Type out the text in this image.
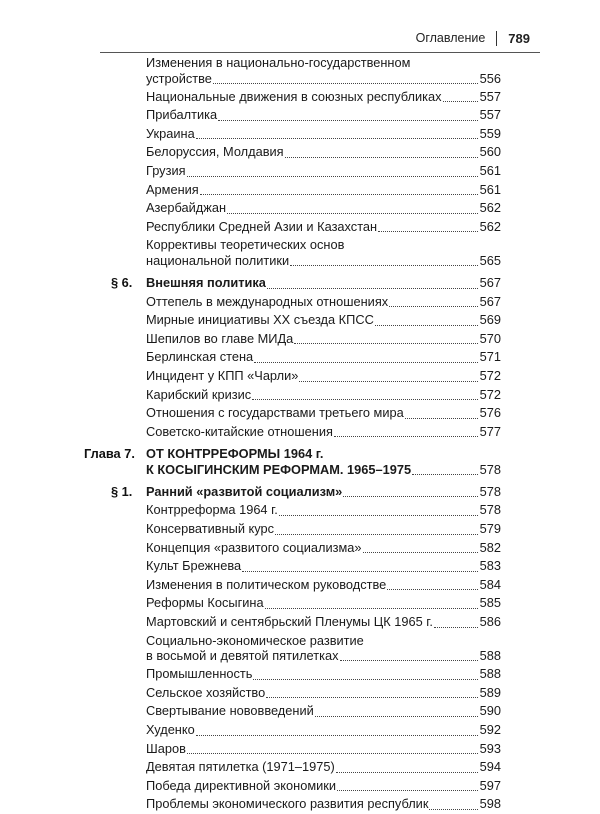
Оглавление 789
Изменения в национально-государственном
устройстве	556
Национальные движения в союзных республиках	557
Прибалтика	557
Украина	559
Белоруссия, Молдавия	560
Грузия	561
Армения	561
Азербайджан	562
Республики Средней Азии и Казахстан	562
Коррективы теоретических основ
национальной политики	565
§ 6. Внешняя политика	567
Оттепель в международных отношениях	567
Мирные инициативы XX съезда КПСС	569
Шепилов во главе МИДа	570
Берлинская стена	571
Инцидент у КПП «Чарли»	572
Карибский кризис	572
Отношения с государствами третьего мира	576
Советско-китайские отношения	577
Глава 7. ОТ КОНТРРЕФОРМЫ 1964 г.
К КОСЫГИНСКИМ РЕФОРМАМ. 1965–1975	578
§ 1. Ранний «развитой социализм»	578
Контрреформа 1964 г.	578
Консервативный курс	579
Концепция «развитого социализма»	582
Культ Брежнева	583
Изменения в политическом руководстве	584
Реформы Косыгина	585
Мартовский и сентябрьский Пленумы ЦК 1965 г.	586
Социально-экономическое развитие
в восьмой и девятой пятилетках	588
Промышленность	588
Сельское хозяйство	589
Свертывание нововведений	590
Худенко	592
Шаров	593
Девятая пятилетка (1971–1975)	594
Победа директивной экономики	597
Проблемы экономического развития республик	598
